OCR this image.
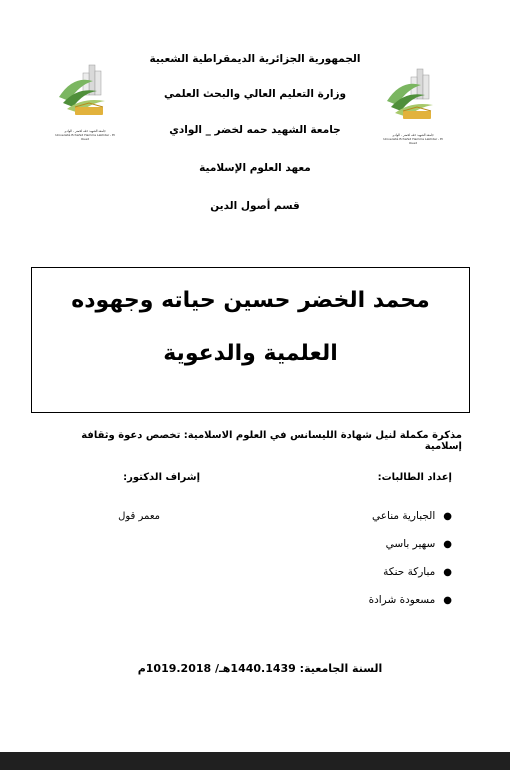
الجمهورية الجزائرية الديمقراطية الشعبية
وزارة التعليم العالي والبحث العلمي
جامعة الشهيد حمه لخضر _ الوادي
معهد العلوم الإسلامية
قسم أصول الدين
جامعة الشهيد حمّه لخضر - الوادي
Université Echahid Hamma Lakhdar - El Oued
جامعة الشهيد حمّه لخضر - الوادي
Université Echahid Hamma Lakhdar - El Oued
محمد الخضر حسين حياته وجهوده
العلمية والدعوية
مذكرة مكملة لنيل شهادة الليسانس في العلوم الاسلامية: تخصص دعوة وثقافة إسلامية
إعداد الطالبات:
إشراف الدكتور:
معمر قول	●الجبارية مناعي
●سهير باسي
●مباركة حنكة
●مسعودة شرادة
السنة الجامعية: 1440.1439هـ/ 1019.2018م
